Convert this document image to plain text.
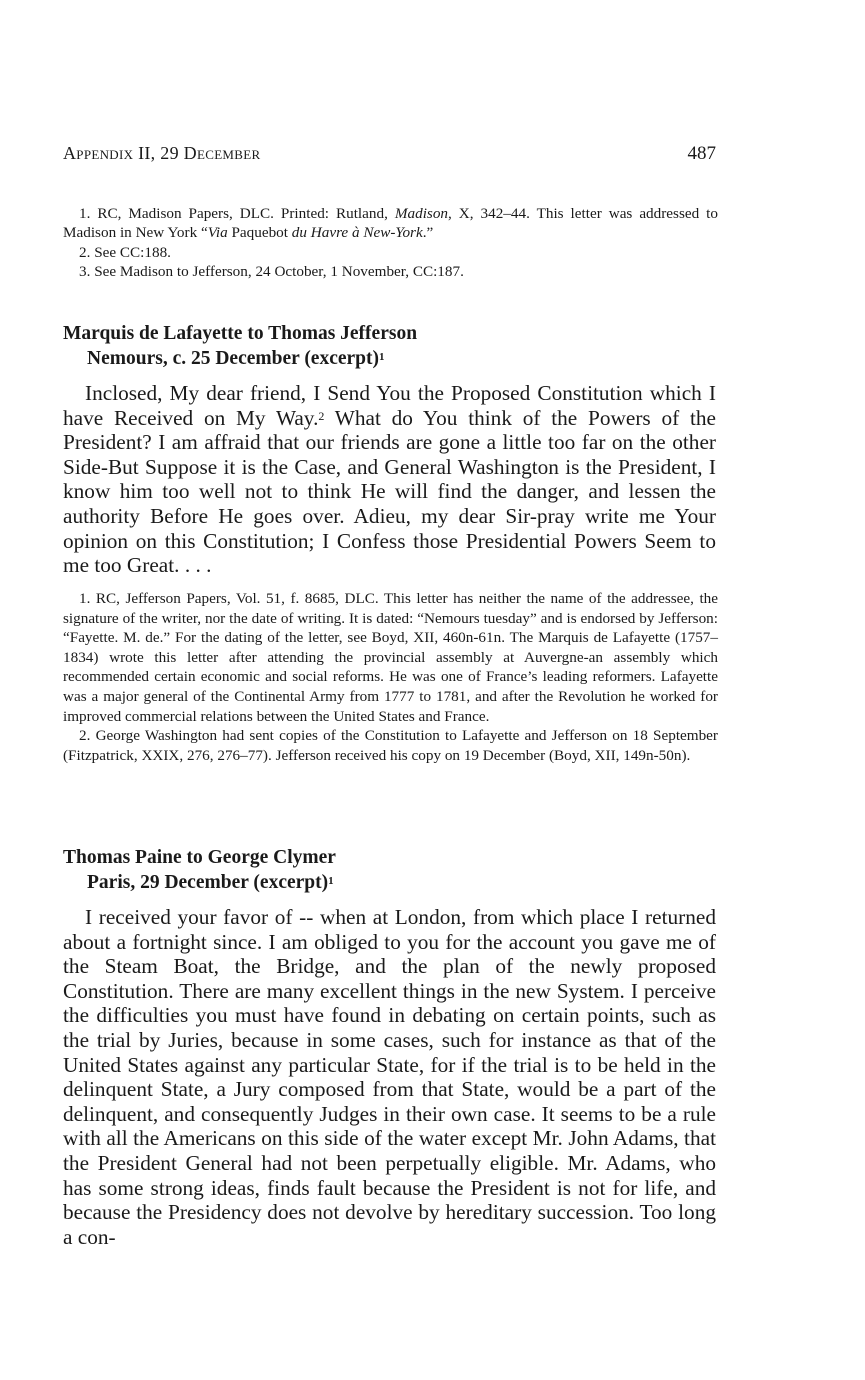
Appendix II, 29 December	487

1. RC, Madison Papers, DLC. Printed: Rutland, Madison, X, 342–44. This letter was addressed to Madison in New York “Via Paquebot du Havre à New-York.”

2. See CC:188.

3. See Madison to Jefferson, 24 October, 1 November, CC:187.

Marquis de Lafayette to Thomas Jefferson
Nemours, c. 25 December (excerpt)$^1$

Inclosed, My dear friend, I Send You the Proposed Constitution which I have Received on My Way.$^2$ What do You think of the Powers of the President? I am affraid that our friends are gone a little too far on the other Side-But Suppose it is the Case, and General Washington is the President, I know him too well not to think He will find the danger, and lessen the authority Before He goes over. Adieu, my dear Sir-pray write me Your opinion on this Constitution; I Confess those Presidential Powers Seem to me too Great. . . .

1. RC, Jefferson Papers, Vol. 51, f. 8685, DLC. This letter has neither the name of the addressee, the signature of the writer, nor the date of writing. It is dated: “Nemours tuesday” and is endorsed by Jefferson: “Fayette. M. de.” For the dating of the letter, see Boyd, XII, 460n-61n. The Marquis de Lafayette (1757–1834) wrote this letter after attending the provincial assembly at Auvergne-an assembly which recommended certain economic and social reforms. He was one of France’s leading reformers. Lafayette was a major general of the Continental Army from 1777 to 1781, and after the Revolution he worked for improved commercial relations between the United States and France.

2. George Washington had sent copies of the Constitution to Lafayette and Jefferson on 18 September (Fitzpatrick, XXIX, 276, 276–77). Jefferson received his copy on 19 December (Boyd, XII, 149n-50n).

Thomas Paine to George Clymer
Paris, 29 December (excerpt)$^1$

I received your favor of -- when at London, from which place I returned about a fortnight since. I am obliged to you for the account you gave me of the Steam Boat, the Bridge, and the plan of the newly proposed Constitution. There are many excellent things in the new System. I perceive the difficulties you must have found in debating on certain points, such as the trial by Juries, because in some cases, such for instance as that of the United States against any particular State, for if the trial is to be held in the delinquent State, a Jury composed from that State, would be a part of the delinquent, and consequently Judges in their own case. It seems to be a rule with all the Americans on this side of the water except Mr. John Adams, that the President General had not been perpetually eligible. Mr. Adams, who has some strong ideas, finds fault because the President is not for life, and because the Presidency does not devolve by hereditary succession. Too long a con-
